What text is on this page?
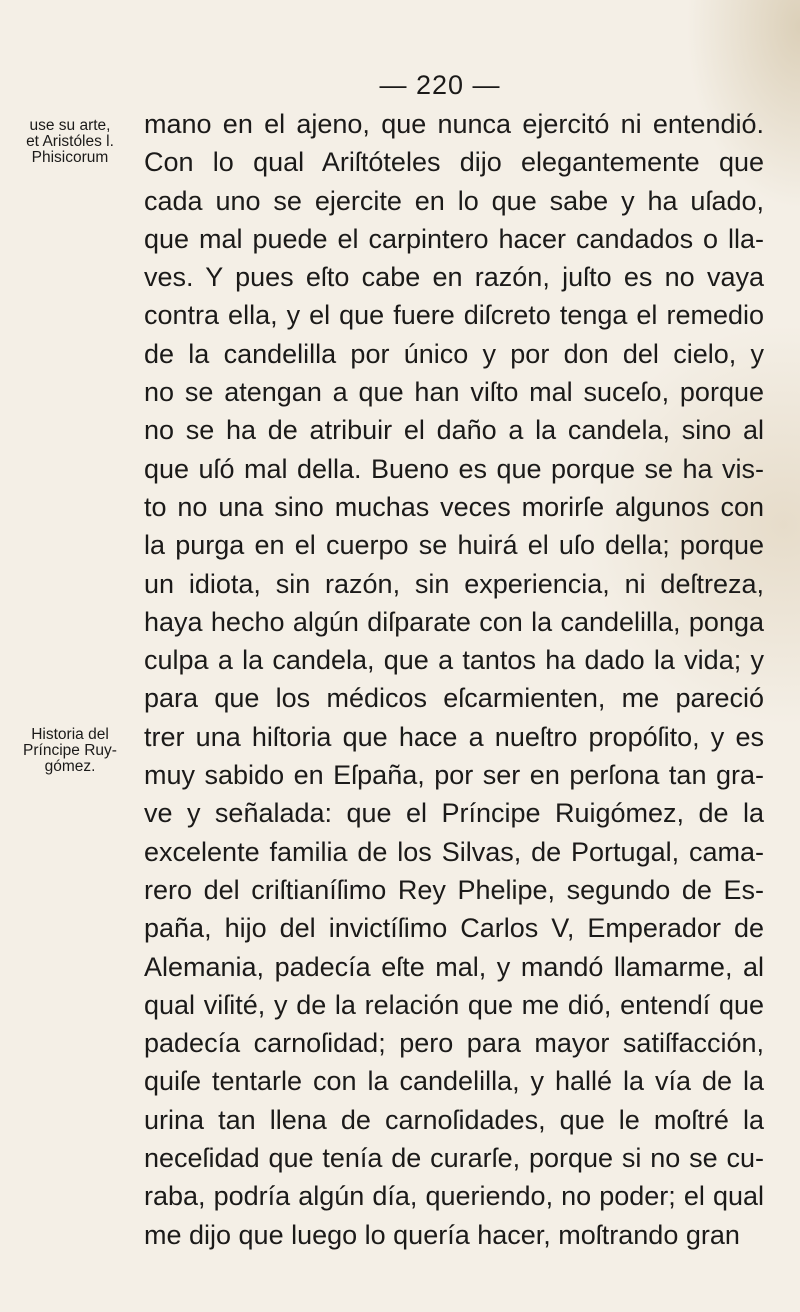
— 220 —
use su arte,
et Aristóles l.
Phisicorum
Historia del
Príncipe Ruy-
gómez.
mano en el ajeno, que nunca ejercitó ni entendió.
Con lo qual Ariſtóteles dijo elegantemente que
cada uno se ejercite en lo que sabe y ha uſado,
que mal puede el carpintero hacer candados o lla-
ves. Y pues eſto cabe en razón, juſto es no vaya
contra ella, y el que fuere diſcreto tenga el remedio
de la candelilla por único y por don del cielo, y
no se atengan a que han viſto mal suceſo, porque
no se ha de atribuir el daño a la candela, sino al
que uſó mal della. Bueno es que porque se ha vis-
to no una sino muchas veces morirſe algunos con
la purga en el cuerpo se huirá el uſo della; porque
un idiota, sin razón, sin experiencia, ni deſtreza,
haya hecho algún diſparate con la candelilla, ponga
culpa a la candela, que a tantos ha dado la vida; y
para que los médicos eſcarmienten, me pareció
trer una hiſtoria que hace a nueſtro propóſito, y es
muy sabido en Eſpaña, por ser en perſona tan gra-
ve y señalada: que el Príncipe Ruigómez, de la
excelente familia de los Silvas, de Portugal, cama-
rero del criſtianíſimo Rey Phelipe, segundo de Es-
paña, hijo del invictíſimo Carlos V, Emperador de
Alemania, padecía eſte mal, y mandó llamarme, al
qual viſité, y de la relación que me dió, entendí que
padecía carnoſidad; pero para mayor satiſfacción,
quiſe tentarle con la candelilla, y hallé la vía de la
urina tan llena de carnoſidades, que le moſtré la
neceſidad que tenía de curarſe, porque si no se cu-
raba, podría algún día, queriendo, no poder; el qual
me dijo que luego lo quería hacer, moſtrando gran
